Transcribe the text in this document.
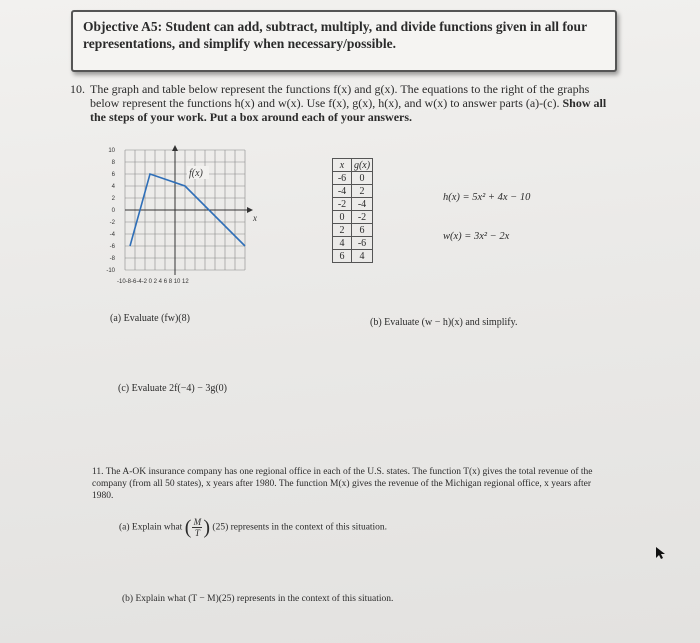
Objective A5: Student can add, subtract, multiply, and divide functions given in all four representations, and simplify when necessary/possible.
10. The graph and table below represent the functions f(x) and g(x). The equations to the right of the graphs below represent the functions h(x) and w(x). Use f(x), g(x), h(x), and w(x) to answer parts (a)-(c). Show all the steps of your work. Put a box around each of your answers.
f(x)
x
10
8
6
4
2
0
-2
-4
-6
-8
-10
-10-8-6-4-2 0 2 4 6 8 10 12
x	g(x)
-6	0
-4	2
-2	-4
0	-2
2	6
4	-6
6	4
h(x) = 5x² + 4x − 10
w(x) = 3x² − 2x
(a) Evaluate (fw)(8)	(b) Evaluate (w − h)(x) and simplify.
(c) Evaluate 2f(−4) − 3g(0)
11. The A-OK insurance company has one regional office in each of the U.S. states. The function T(x) gives the total revenue of the company (from all 50 states), x years after 1980. The function M(x) gives the revenue of the Michigan regional office, x years after 1980.
(a) Explain what ( $\frac{M}{T}$ ) (25) represents in the context of this situation.
(b) Explain what (T − M)(25) represents in the context of this situation.
